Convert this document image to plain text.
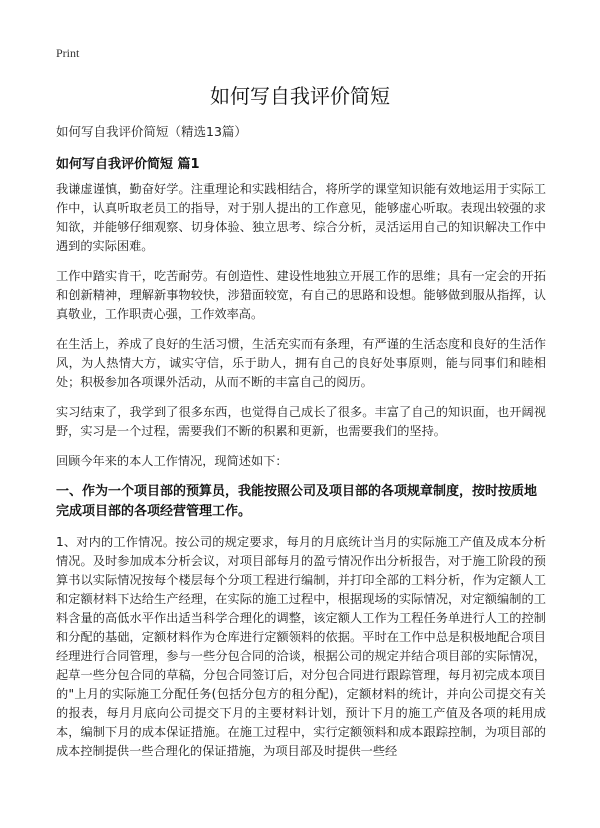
Print
如何写自我评价简短
如何写自我评价简短（精选13篇）
如何写自我评价简短 篇1

我谦虚谨慎，勤奋好学。注重理论和实践相结合，将所学的课堂知识能有效地运用于实际工作中，认真听取老员工的指导，对于别人提出的工作意见，能够虚心听取。表现出较强的求知欲，并能够仔细观察、切身体验、独立思考、综合分析，灵活运用自己的知识解决工作中遇到的实际困难。

工作中踏实肯干，吃苦耐劳。有创造性、建设性地独立开展工作的思维；具有一定会的开拓和创新精神，理解新事物较快，涉猎面较宽，有自己的思路和设想。能够做到服从指挥，认真敬业，工作职责心强，工作效率高。

在生活上，养成了良好的生活习惯，生活充实而有条理，有严谨的生活态度和良好的生活作风，为人热情大方，诚实守信，乐于助人，拥有自己的良好处事原则，能与同事们和睦相处；积极参加各项课外活动，从而不断的丰富自己的阅历。

实习结束了，我学到了很多东西，也觉得自己成长了很多。丰富了自己的知识面，也开阔视野，实习是一个过程，需要我们不断的积累和更新，也需要我们的坚持。

回顾今年来的本人工作情况，现简述如下：

一、作为一个项目部的预算员，我能按照公司及项目部的各项规章制度，按时按质地完成项目部的各项经营管理工作。

1、对内的工作情况。按公司的规定要求，每月的月底统计当月的实际施工产值及成本分析情况。及时参加成本分析会议，对项目部每月的盈亏情况作出分析报告，对于施工阶段的预算书以实际情况按每个楼层每个分项工程进行编制，并打印全部的工料分析，作为定额人工和定额材料下达给生产经理，在实际的施工过程中，根据现场的实际情况，对定额编制的工料含量的高低水平作出适当科学合理化的调整，该定额人工作为工程任务单进行人工的控制和分配的基础，定额材料作为仓库进行定额领料的依据。平时在工作中总是积极地配合项目经理进行合同管理，参与一些分包合同的洽谈，根据公司的规定并结合项目部的实际情况，起草一些分包合同的草稿，分包合同签订后，对分包合同进行跟踪管理，每月初完成本项目的"上月的实际施工分配任务(包括分包方的租分配)，定额材料的统计，并向公司提交有关的报表，每月月底向公司提交下月的主要材料计划，预计下月的施工产值及各项的耗用成本，编制下月的成本保证措施。在施工过程中，实行定额领料和成本跟踪控制，为项目部的成本控制提供一些合理化的保证措施，为项目部及时提供一些经
